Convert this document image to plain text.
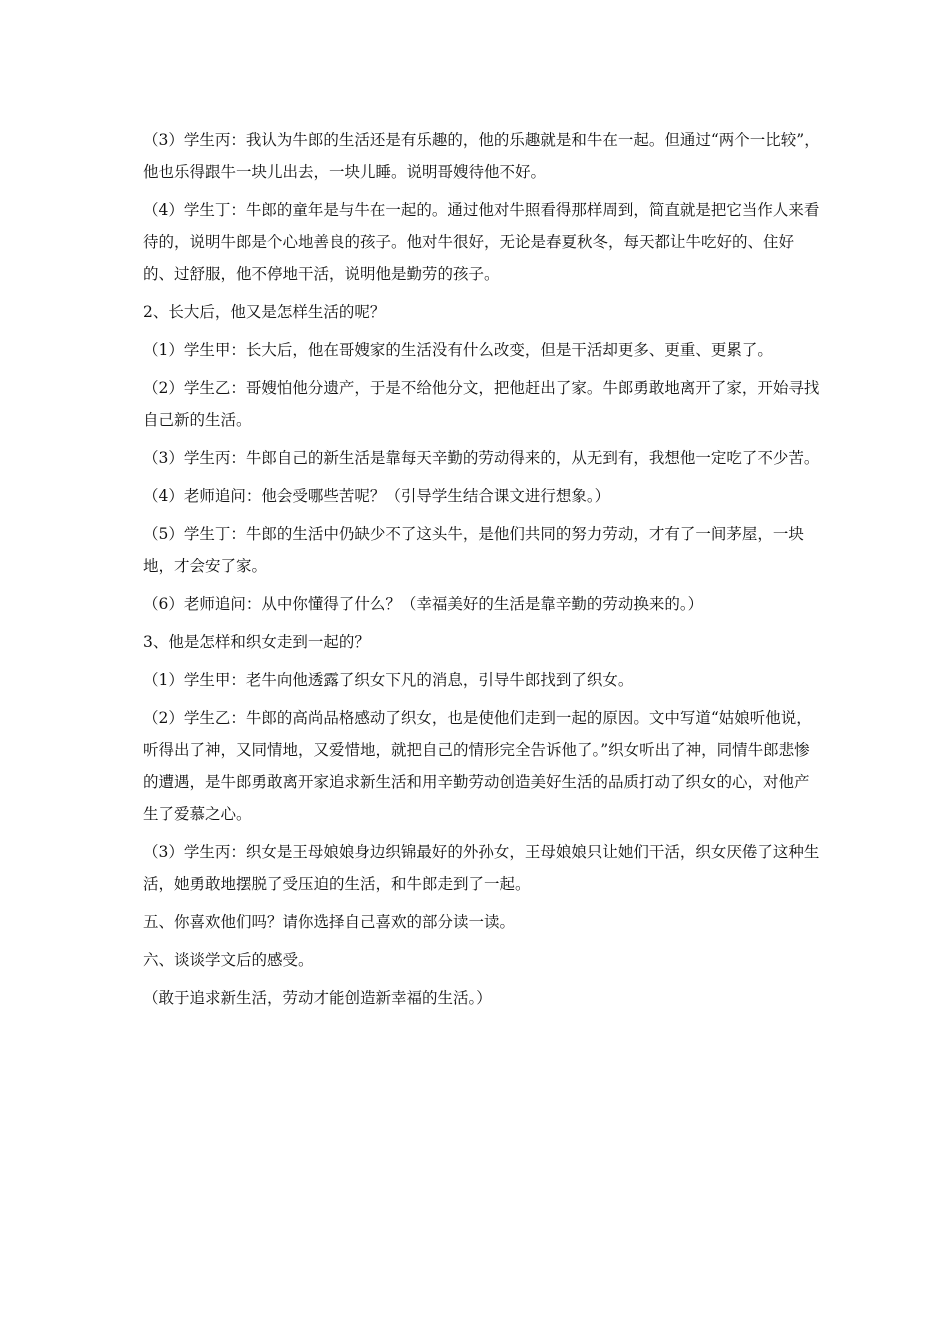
（3）学生丙：我认为牛郎的生活还是有乐趣的，他的乐趣就是和牛在一起。但通过“两个一比较”，他也乐得跟牛一块儿出去，一块儿睡。说明哥嫂待他不好。

（4）学生丁：牛郎的童年是与牛在一起的。通过他对牛照看得那样周到，简直就是把它当作人来看待的，说明牛郎是个心地善良的孩子。他对牛很好，无论是春夏秋冬，每天都让牛吃好的、住好的、过舒服，他不停地干活，说明他是勤劳的孩子。

2、长大后，他又是怎样生活的呢？

（1）学生甲：长大后，他在哥嫂家的生活没有什么改变，但是干活却更多、更重、更累了。

（2）学生乙：哥嫂怕他分遗产，于是不给他分文，把他赶出了家。牛郎勇敢地离开了家，开始寻找自己新的生活。

（3）学生丙：牛郎自己的新生活是靠每天辛勤的劳动得来的，从无到有，我想他一定吃了不少苦。

（4）老师追问：他会受哪些苦呢？（引导学生结合课文进行想象。）

（5）学生丁：牛郎的生活中仍缺少不了这头牛，是他们共同的努力劳动，才有了一间茅屋，一块地，才会安了家。

（6）老师追问：从中你懂得了什么？（幸福美好的生活是靠辛勤的劳动换来的。）

3、他是怎样和织女走到一起的？

（1）学生甲：老牛向他透露了织女下凡的消息，引导牛郎找到了织女。

（2）学生乙：牛郎的高尚品格感动了织女，也是使他们走到一起的原因。文中写道“姑娘听他说，听得出了神，又同情地，又爱惜地，就把自己的情形完全告诉他了。”织女听出了神，同情牛郎悲惨的遭遇，是牛郎勇敢离开家追求新生活和用辛勤劳动创造美好生活的品质打动了织女的心，对他产生了爱慕之心。

（3）学生丙：织女是王母娘娘身边织锦最好的外孙女，王母娘娘只让她们干活，织女厌倦了这种生活，她勇敢地摆脱了受压迫的生活，和牛郎走到了一起。

五、你喜欢他们吗？请你选择自己喜欢的部分读一读。

六、谈谈学文后的感受。

（敢于追求新生活，劳动才能创造新幸福的生活。）
